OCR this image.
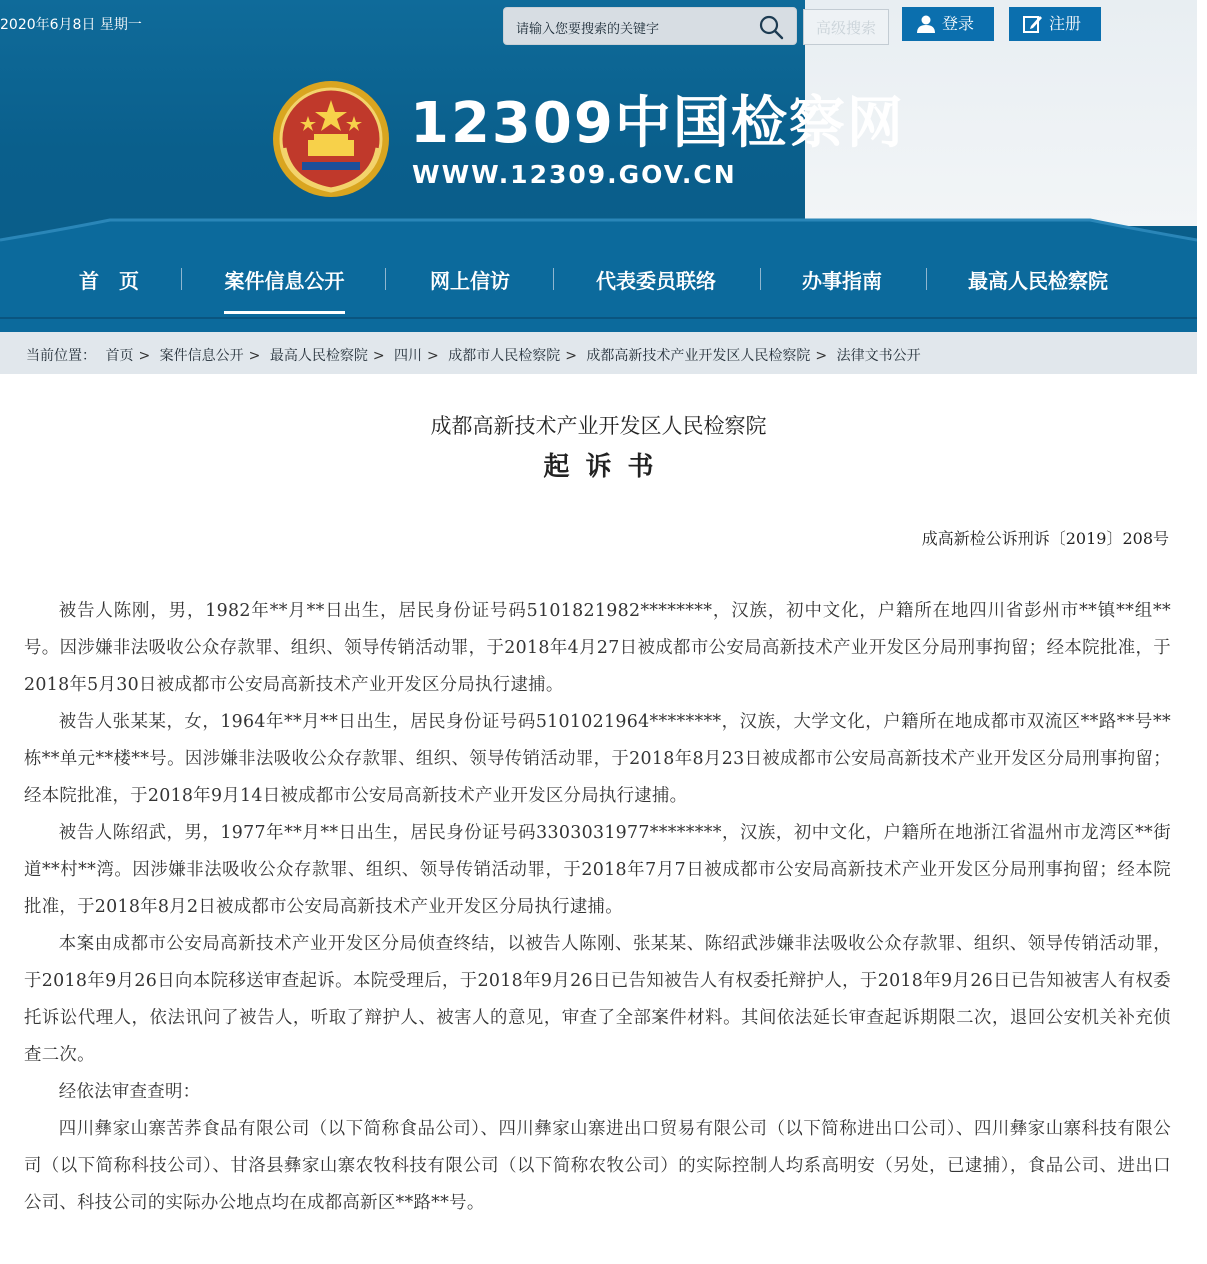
2020年6月8日 星期一	请输入您要搜索的关键字	高级搜索	登录	注册
12309中国检察网
WWW.12309.GOV.CN
首　页	案件信息公开	网上信访	代表委员联络	办事指南	最高人民检察院
当前位置： 首页 > 案件信息公开 > 最高人民检察院 > 四川 > 成都市人民检察院 > 成都高新技术产业开发区人民检察院 > 法律文书公开
成都高新技术产业开发区人民检察院
起诉书
成高新检公诉刑诉〔2019〕208号

被告人陈刚，男，1982年**月**日出生，居民身份证号码5101821982********，汉族，初中文化，户籍所在地四川省彭州市**镇**组**号。因涉嫌非法吸收公众存款罪、组织、领导传销活动罪，于2018年4月27日被成都市公安局高新技术产业开发区分局刑事拘留；经本院批准，于2018年5月30日被成都市公安局高新技术产业开发区分局执行逮捕。

被告人张某某，女，1964年**月**日出生，居民身份证号码5101021964********，汉族，大学文化，户籍所在地成都市双流区**路**号**栋**单元**楼**号。因涉嫌非法吸收公众存款罪、组织、领导传销活动罪，于2018年8月23日被成都市公安局高新技术产业开发区分局刑事拘留；经本院批准，于2018年9月14日被成都市公安局高新技术产业开发区分局执行逮捕。

被告人陈绍武，男，1977年**月**日出生，居民身份证号码3303031977********，汉族，初中文化，户籍所在地浙江省温州市龙湾区**街道**村**湾。因涉嫌非法吸收公众存款罪、组织、领导传销活动罪，于2018年7月7日被成都市公安局高新技术产业开发区分局刑事拘留；经本院批准，于2018年8月2日被成都市公安局高新技术产业开发区分局执行逮捕。

本案由成都市公安局高新技术产业开发区分局侦查终结，以被告人陈刚、张某某、陈绍武涉嫌非法吸收公众存款罪、组织、领导传销活动罪，于2018年9月26日向本院移送审查起诉。本院受理后，于2018年9月26日已告知被告人有权委托辩护人，于2018年9月26日已告知被害人有权委托诉讼代理人，依法讯问了被告人，听取了辩护人、被害人的意见，审查了全部案件材料。其间依法延长审查起诉期限二次，退回公安机关补充侦查二次。

经依法审查查明：

四川彝家山寨苦荞食品有限公司（以下简称食品公司）、四川彝家山寨进出口贸易有限公司（以下简称进出口公司）、四川彝家山寨科技有限公司（以下简称科技公司）、甘洛县彝家山寨农牧科技有限公司（以下简称农牧公司）的实际控制人均系高明安（另处，已逮捕），食品公司、进出口公司、科技公司的实际办公地点均在成都高新区**路**号。
